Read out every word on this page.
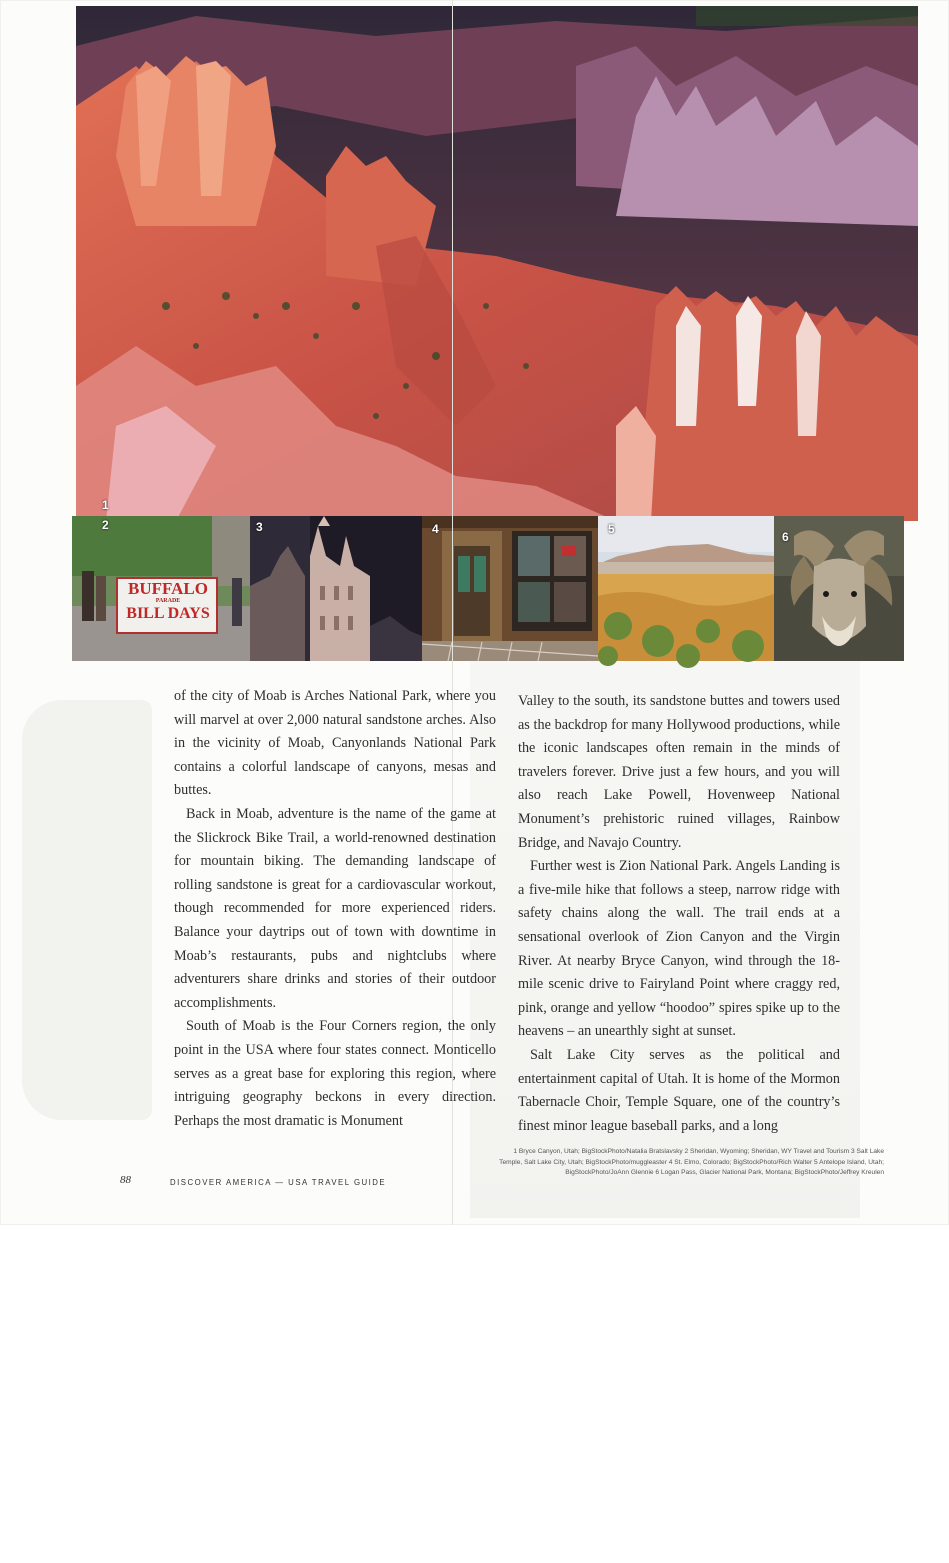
1
2
BUFFALO
PARADE
BILL DAYS
3	4	5
6

of the city of Moab is Arches National Park, where you will marvel at over 2,000 natural sandstone arches. Also in the vicinity of Moab, Canyonlands National Park contains a colorful landscape of canyons, mesas and buttes.

Back in Moab, adventure is the name of the game at the Slickrock Bike Trail, a world-renowned destination for mountain biking. The demanding landscape of rolling sandstone is great for a cardiovascular workout, though recommended for more experienced riders. Balance your daytrips out of town with downtime in Moab’s restaurants, pubs and nightclubs where adventurers share drinks and stories of their outdoor accomplishments.

South of Moab is the Four Corners region, the only point in the USA where four states connect. Monticello serves as a great base for exploring this region, where intriguing geography beckons in every direction. Perhaps the most dramatic is Monument

Valley to the south, its sandstone buttes and towers used as the backdrop for many Hollywood productions, while the iconic landscapes often remain in the minds of travelers forever. Drive just a few hours, and you will also reach Lake Powell, Hovenweep National Monument’s prehistoric ruined villages, Rainbow Bridge, and Navajo Country.

Further west is Zion National Park. Angels Landing is a five-mile hike that follows a steep, narrow ridge with safety chains along the wall. The trail ends at a sensational overlook of Zion Canyon and the Virgin River. At nearby Bryce Canyon, wind through the 18-mile scenic drive to Fairyland Point where craggy red, pink, orange and yellow “hoodoo” spires spike up to the heavens – an unearthly sight at sunset.

Salt Lake City serves as the political and entertainment capital of Utah. It is home of the Mormon Tabernacle Choir, Temple Square, one of the country’s finest minor league baseball parks, and a long

1 Bryce Canyon, Utah; BigStockPhoto/Natalia Bratslavsky 2 Sheridan, Wyoming; Sheridan, WY Travel and Tourism 3 Salt Lake Temple, Salt Lake City, Utah; BigStockPhoto/muggleaster 4 St. Elmo, Colorado; BigStockPhoto/Rich Walter 5 Antelope Island, Utah; BigStockPhoto/JoAnn Glennie 6 Logan Pass, Glacier National Park, Montana; BigStockPhoto/Jeffrey Kreulen
88	DISCOVER AMERICA — USA TRAVEL GUIDE
